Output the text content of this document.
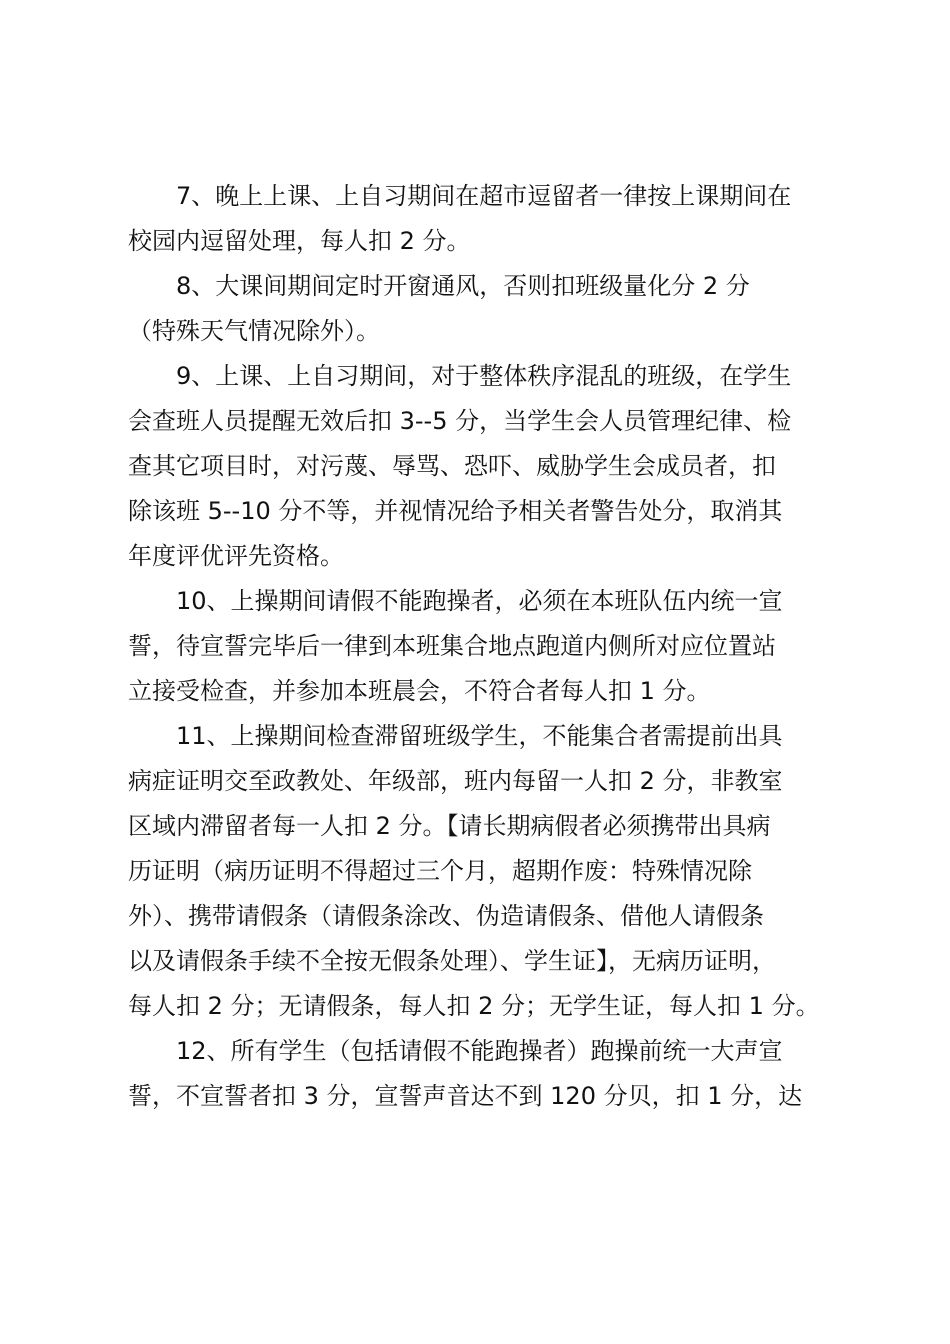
7、晚上上课、上自习期间在超市逗留者一律按上课期间在
校园内逗留处理，每人扣 2 分。

8、大课间期间定时开窗通风，否则扣班级量化分 2 分
（特殊天气情况除外）。

9、上课、上自习期间，对于整体秩序混乱的班级，在学生
会查班人员提醒无效后扣 3--5 分，当学生会人员管理纪律、检
查其它项目时，对污蔑、辱骂、恐吓、威胁学生会成员者，扣
除该班 5--10 分不等，并视情况给予相关者警告处分，取消其
年度评优评先资格。

10、上操期间请假不能跑操者，必须在本班队伍内统一宣
誓，待宣誓完毕后一律到本班集合地点跑道内侧所对应位置站
立接受检查，并参加本班晨会，不符合者每人扣 1 分。

11、上操期间检查滞留班级学生，不能集合者需提前出具
病症证明交至政教处、年级部，班内每留一人扣 2 分，非教室
区域内滞留者每一人扣 2 分。【请长期病假者必须携带出具病
历证明（病历证明不得超过三个月，超期作废：特殊情况除
外）、携带请假条（请假条涂改、伪造请假条、借他人请假条
以及请假条手续不全按无假条处理）、学生证】，无病历证明，
每人扣 2 分；无请假条，每人扣 2 分；无学生证，每人扣 1 分。

12、所有学生（包括请假不能跑操者）跑操前统一大声宣
誓，不宣誓者扣 3 分，宣誓声音达不到 120 分贝，扣 1 分，达
